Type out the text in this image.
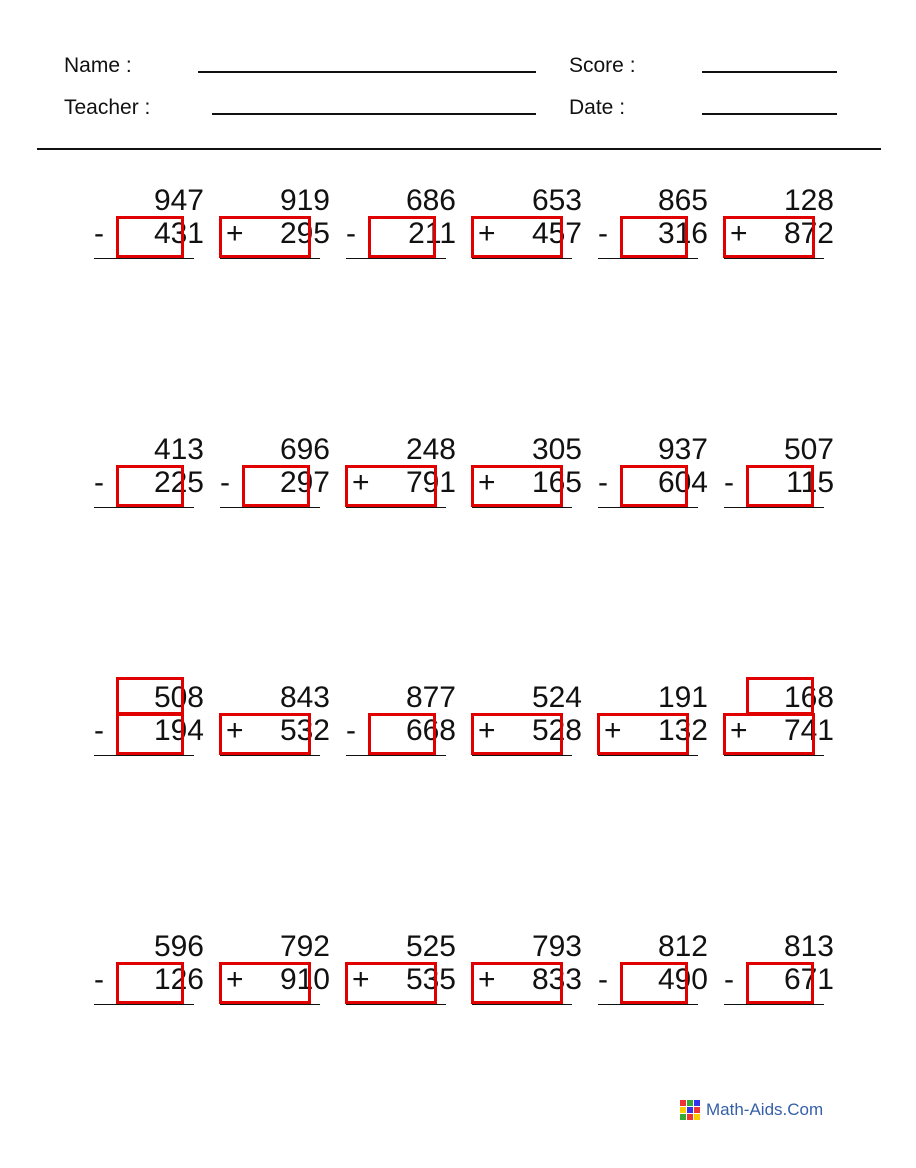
Name :
Teacher :
Score :
Date :
947
- 431
919
+ 295
686
- 211
653
+ 457
865
- 316
128
+ 872
413
- 225
696
- 297
248
+ 791
305
+ 165
937
- 604
507
- 115
508
- 194
843
+ 532
877
- 668
524
+ 528
191
+ 132
168
+ 741
596
- 126
792
+ 910
525
+ 535
793
+ 833
812
- 490
813
- 671
Math-Aids.Com
